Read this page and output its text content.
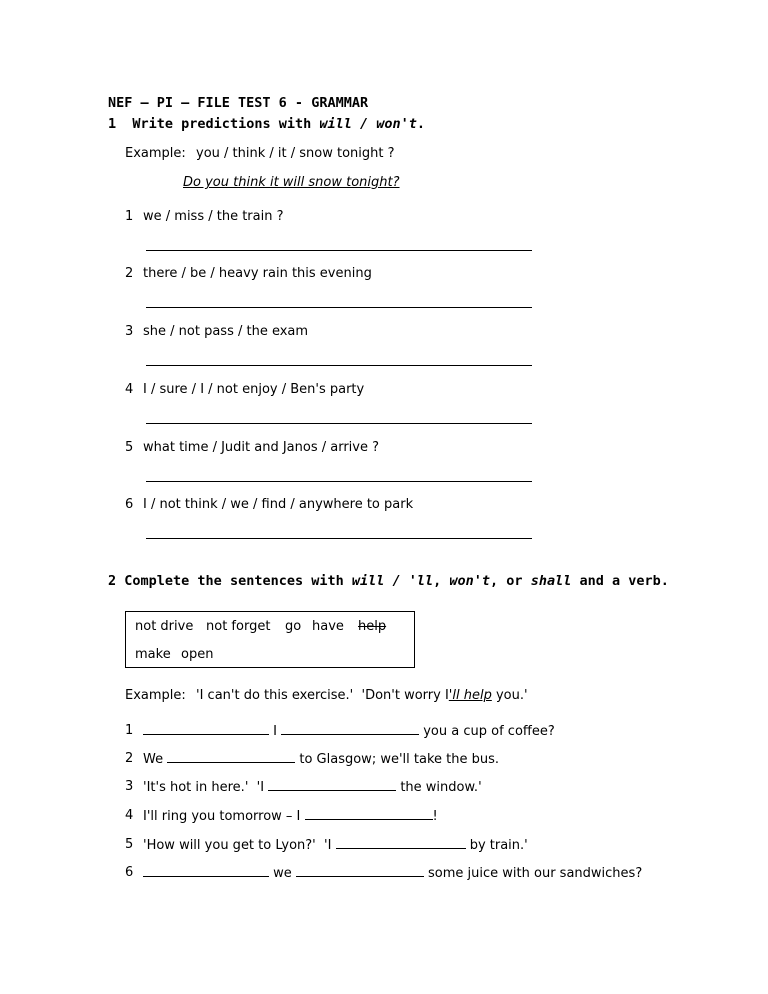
NEF – PI – FILE TEST 6 - GRAMMAR
1 Write predictions with will / won't.
Example: you / think / it / snow tonight ?
Do you think it will snow tonight?
1 we / miss / the train ?
2 there / be / heavy rain this evening
3 she / not pass / the exam
4 I / sure / I / not enjoy / Ben's party
5 what time / Judit and Janos / arrive ?
6 I / not think / we / find / anywhere to park
2 Complete the sentences with will / 'll, won't, or shall and a verb.
not drive not forget go have help
make open
Example: 'I can't do this exercise.'  'Don't worry I'll help you.'
1	I	you a cup of coffee?
2 We	to Glasgow; we'll take the bus.
3 'It's hot in here.'  'I	the window.'
4 I'll ring you tomorrow – I	!
5 'How will you get to Lyon?'  'I	by train.'
6	we	some juice with our sandwiches?
